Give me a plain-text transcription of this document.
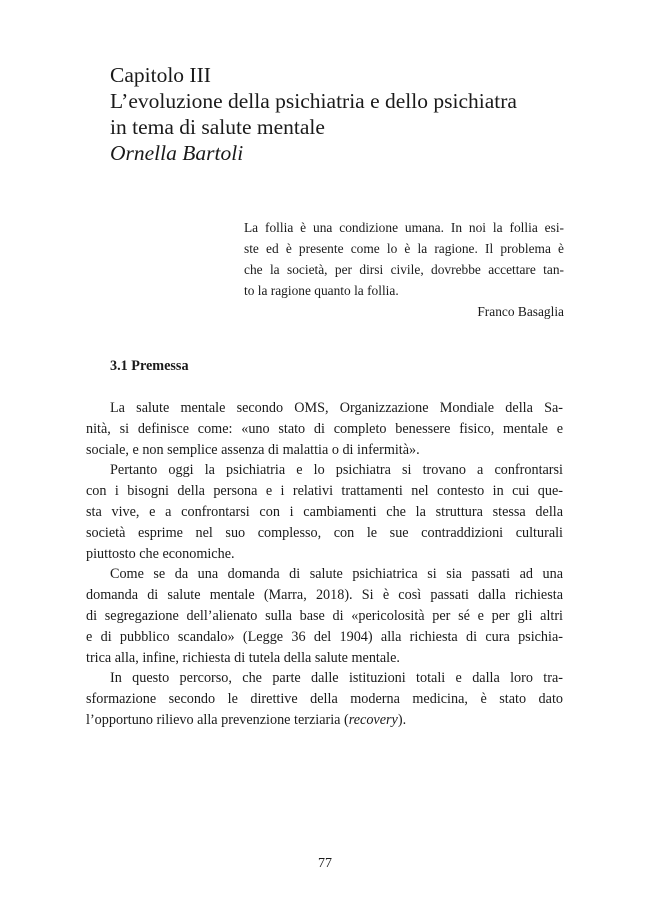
Capitolo III
L’evoluzione della psichiatria e dello psichiatra
in tema di salute mentale
Ornella Bartoli
La follia è una condizione umana. In noi la follia esi-
ste ed è presente come lo è la ragione. Il problema è
che la società, per dirsi civile, dovrebbe accettare tan-
to la ragione quanto la follia.
Franco Basaglia
3.1 Premessa
La salute mentale secondo OMS, Organizzazione Mondiale della Sa-
nità, si definisce come: «uno stato di completo benessere fisico, mentale e
sociale, e non semplice assenza di malattia o di infermità».
Pertanto oggi la psichiatria e lo psichiatra si trovano a confrontarsi
con i bisogni della persona e i relativi trattamenti nel contesto in cui que-
sta vive, e a confrontarsi con i cambiamenti che la struttura stessa della
società esprime nel suo complesso, con le sue contraddizioni culturali
piuttosto che economiche.
Come se da una domanda di salute psichiatrica si sia passati ad una
domanda di salute mentale (Marra, 2018). Si è così passati dalla richiesta
di segregazione dell’alienato sulla base di «pericolosità per sé e per gli altri
e di pubblico scandalo» (Legge 36 del 1904) alla richiesta di cura psichia-
trica alla, infine, richiesta di tutela della salute mentale.
In questo percorso, che parte dalle istituzioni totali e dalla loro tra-
sformazione secondo le direttive della moderna medicina, è stato dato
l’opportuno rilievo alla prevenzione terziaria (recovery).
77
